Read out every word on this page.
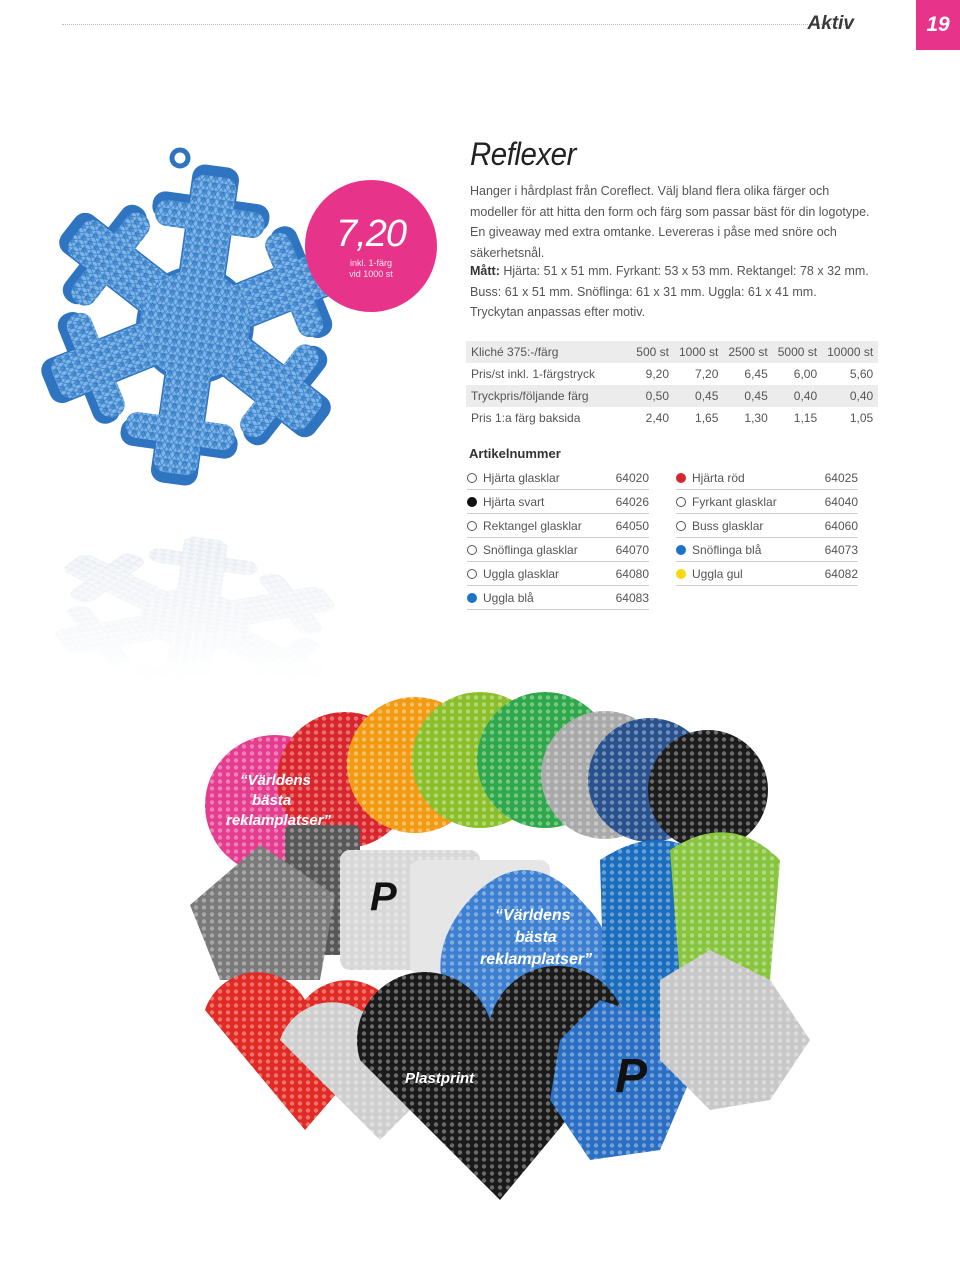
Aktiv	19
7,20
inkl. 1-färg
vid 1000 st
Reflexer
Hanger i hårdplast från Coreflect. Välj bland flera olika färger och modeller för att hitta den form och färg som passar bäst för din logotype. En giveaway med extra omtanke. Levereras i påse med snöre och säkerhetsnål.
Mått: Hjärta: 51 x 51 mm. Fyrkant: 53 x 53 mm. Rektangel: 78 x 32 mm. Buss: 61 x 51 mm. Snöflinga: 61 x 31 mm. Uggla: 61 x 41 mm.
Tryckytan anpassas efter motiv.
Kliché 375:-/färg	500 st	1000 st	2500 st	5000 st	10000 st
Pris/st inkl. 1-färgstryck	9,20	7,20	6,45	6,00	5,60
Tryckpris/följande färg	0,50	0,45	0,45	0,40	0,40
Pris 1:a färg baksida	2,40	1,65	1,30	1,15	1,05
Artikelnummer
Hjärta glasklar	64020
Hjärta svart	64026
Rektangel glasklar	64050
Snöflinga glasklar	64070
Uggla glasklar	64080
Uggla blå	64083
Hjärta röd	64025
Fyrkant glasklar	64040
Buss glasklar	64060
Snöflinga blå	64073
Uggla gul	64082
“Världens
bästa
reklamplatser”
“Världens
bästa
reklamplatser”
Plastprint	P
P
